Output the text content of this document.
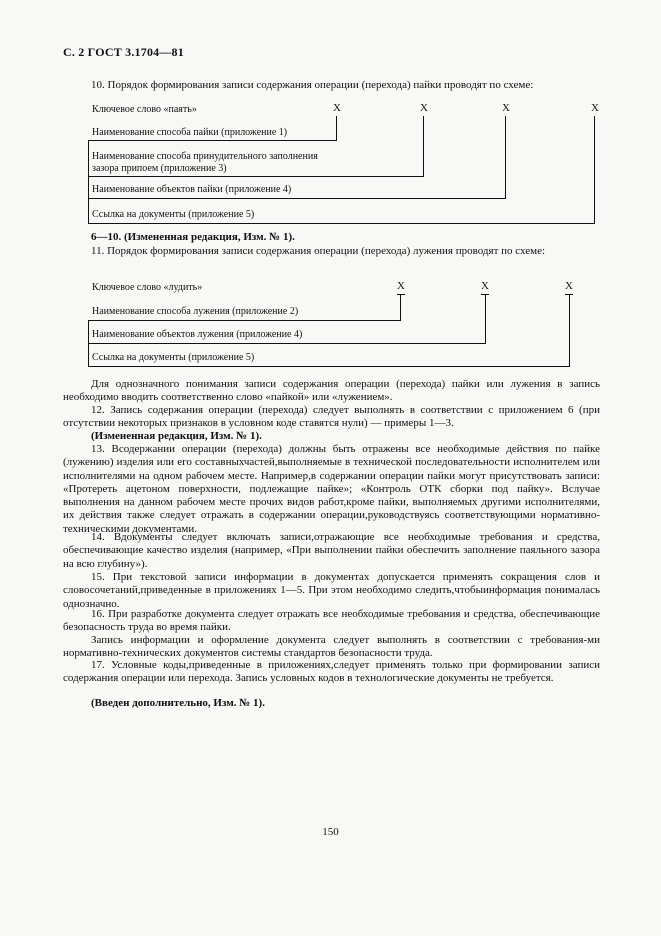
С. 2 ГОСТ 3.1704—81
10. Порядок формирования записи содержания операции (перехода) пайки проводят по схеме:
Ключевое слово «паять»	X	X	X	X
Наименование способа пайки (приложение 1)
Наименование способа принудительного заполнения
зазора припоем (приложение 3)
Наименование объектов пайки (приложение 4)
Ссылка на документы (приложение 5)
6—10. (Измененная редакция, Изм. № 1).
11. Порядок формирования записи содержания операции (перехода) лужения проводят по схеме:
Ключевое слово «лудить»	X	X	X
Наименование способа лужения (приложение 2)
Наименование объектов лужения (приложение 4)
Ссылка на документы (приложение 5)
Для однозначного понимания записи содержания операции (перехода) пайки или лужения в запись необходимо вводить соответственно слово «пайкой» или «лужением».
12. Запись содержания операции (перехода) следует выполнять в соответствии с приложением 6 (при отсутствии некоторых признаков в условном коде ставятся нули) — примеры 1—3.
(Измененная редакция, Изм. № 1).
13. Всодержании операции (перехода) должны быть отражены все необходимые действия по пайке (лужению) изделия или его составныхчастей,выполняемые в технической последовательности исполнителем или исполнителями на одном рабочем месте. Например,в содержании операции пайки могут присутствовать записи: «Протереть ацетоном поверхности, подлежащие пайке»; «Контроль ОТК сборки под пайку». Вслучае выполнения на данном рабочем месте прочих видов работ,кроме пайки, выполняемых другими исполнителями, их действия также следует отражать в содержании операции,руководствуясь соответствующими нормативно-техническими документами.
14. Вдокументы следует включать записи,отражающие все необходимые требования и средства, обеспечивающие качество изделия (например, «При выполнении пайки обеспечить заполнение паяльного зазора на всю глубину»).
15. При текстовой записи информации в документах допускается применять сокращения слов и словосочетаний,приведенные в приложениях 1—5. При этом необходимо следить,чтобыинформация понималась однозначно.
16. При разработке документа следует отражать все необходимые требования и средства, обеспечивающие безопасность труда во время пайки.
Запись информации и оформление документа следует выполнять в соответствии с требования-ми нормативно-технических документов системы стандартов безопасности труда.
17. Условные коды,приведенные в приложениях,следует применять только при формировании записи содержания операции или перехода. Запись условных кодов в технологические документы не требуется.
(Введен дополнительно, Изм. № 1).
150
